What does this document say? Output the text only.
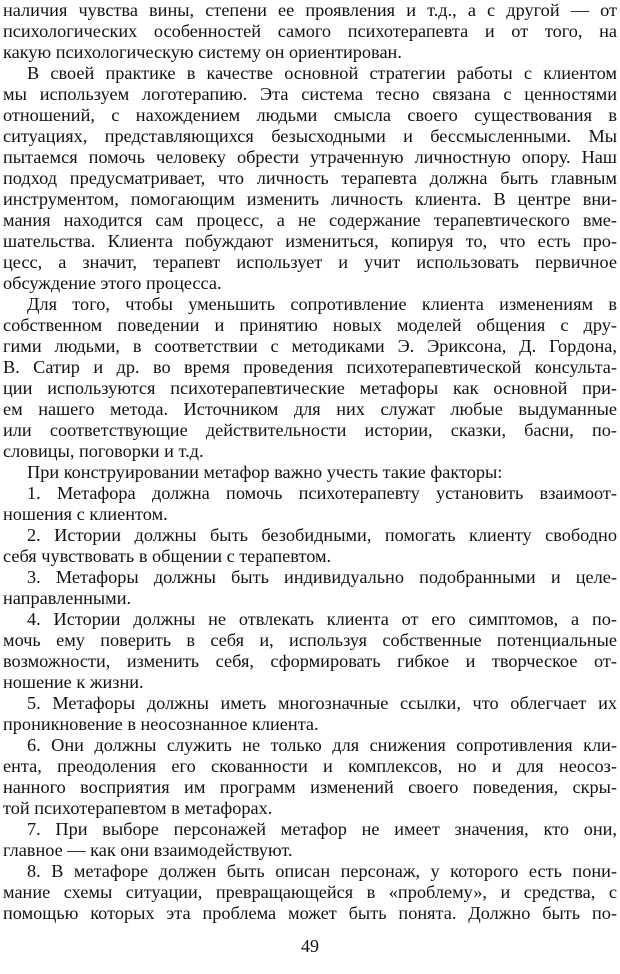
наличия чувства вины, степени ее проявления и т.д., а с другой — от
психологических особенностей самого психотерапевта и от того, на
какую психологическую систему он ориентирован.
В своей практике в качестве основной стратегии работы с клиентом
мы используем логотерапию. Эта система тесно связана с ценностями
отношений, с нахождением людьми смысла своего существования в
ситуациях, представляющихся безысходными и бессмысленными. Мы
пытаемся помочь человеку обрести утраченную личностную опору. Наш
подход предусматривает, что личность терапевта должна быть главным
инструментом, помогающим изменить личность клиента. В центре вни-
мания находится сам процесс, а не содержание терапевтического вме-
шательства. Клиента побуждают измениться, копируя то, что есть про-
цесс, а значит, терапевт использует и учит использовать первичное
обсуждение этого процесса.
Для того, чтобы уменьшить сопротивление клиента изменениям в
собственном поведении и принятию новых моделей общения с дру-
гими людьми, в соответствии с методиками Э. Эриксона, Д. Гордона,
В. Сатир и др. во время проведения психотерапевтической консульта-
ции используются психотерапевтические метафоры как основной при-
ем нашего метода. Источником для них служат любые выдуманные
или соответствующие действительности истории, сказки, басни, по-
словицы, поговорки и т.д.
При конструировании метафор важно учесть такие факторы:
1. Метафора должна помочь психотерапевту установить взаимоот-
ношения с клиентом.
2. Истории должны быть безобидными, помогать клиенту свободно
себя чувствовать в общении с терапевтом.
3. Метафоры должны быть индивидуально подобранными и целе-
направленными.
4. Истории должны не отвлекать клиента от его симптомов, а по-
мочь ему поверить в себя и, используя собственные потенциальные
возможности, изменить себя, сформировать гибкое и творческое от-
ношение к жизни.
5. Метафоры должны иметь многозначные ссылки, что облегчает их
проникновение в неосознанное клиента.
6. Они должны служить не только для снижения сопротивления кли-
ента, преодоления его скованности и комплексов, но и для неосоз-
нанного восприятия им программ изменений своего поведения, скры-
той психотерапевтом в метафорах.
7. При выборе персонажей метафор не имеет значения, кто они,
главное — как они взаимодействуют.
8. В метафоре должен быть описан персонаж, у которого есть пони-
мание схемы ситуации, превращающейся в «проблему», и средства, с
помощью которых эта проблема может быть понята. Должно быть по-
49
